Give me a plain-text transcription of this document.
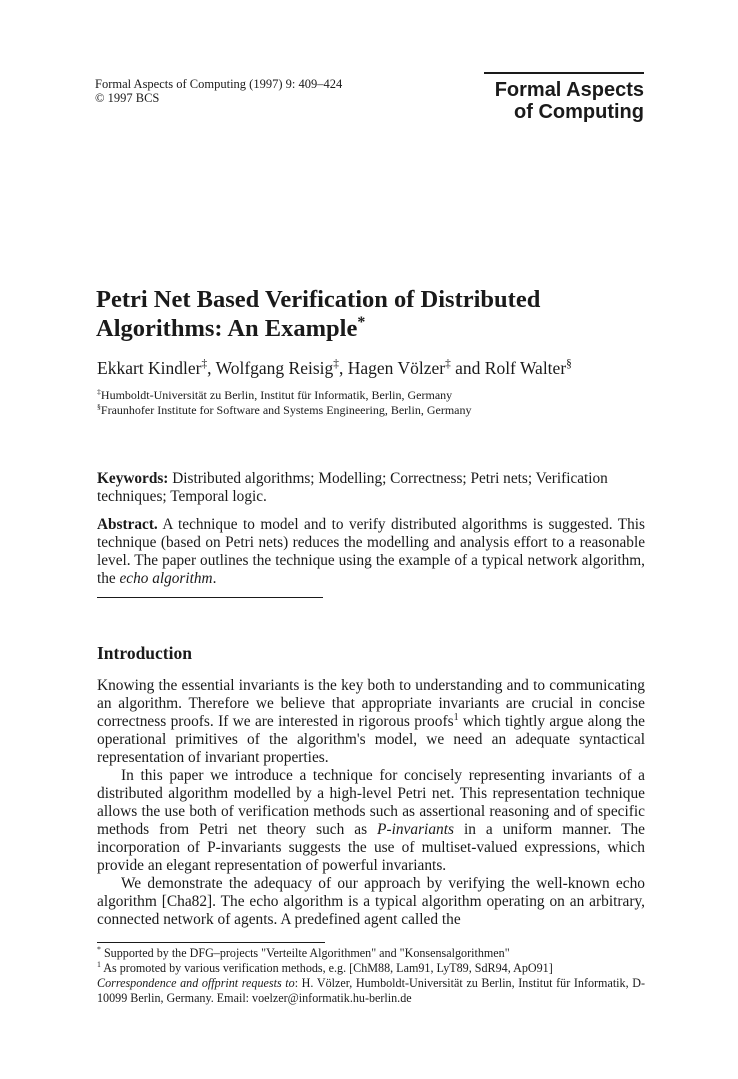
Formal Aspects of Computing (1997) 9: 409–424
© 1997 BCS	Formal Aspects
of Computing
Petri Net Based Verification of Distributed
Algorithms: An Example*
Ekkart Kindler‡, Wolfgang Reisig‡, Hagen Völzer‡ and Rolf Walter§
‡Humboldt-Universität zu Berlin, Institut für Informatik, Berlin, Germany
§Fraunhofer Institute for Software and Systems Engineering, Berlin, Germany
Keywords: Distributed algorithms; Modelling; Correctness; Petri nets; Verification techniques; Temporal logic.
Abstract. A technique to model and to verify distributed algorithms is suggested. This technique (based on Petri nets) reduces the modelling and analysis effort to a reasonable level. The paper outlines the technique using the example of a typical network algorithm, the echo algorithm.
Introduction

Knowing the essential invariants is the key both to understanding and to communicating an algorithm. Therefore we believe that appropriate invariants are crucial in concise correctness proofs. If we are interested in rigorous proofs$^1$ which tightly argue along the operational primitives of the algorithm's model, we need an adequate syntactical representation of invariant properties.

In this paper we introduce a technique for concisely representing invariants of a distributed algorithm modelled by a high-level Petri net. This representation technique allows the use both of verification methods such as assertional reasoning and of specific methods from Petri net theory such as P-invariants in a uniform manner. The incorporation of P-invariants suggests the use of multiset-valued expressions, which provide an elegant representation of powerful invariants.

We demonstrate the adequacy of our approach by verifying the well-known echo algorithm [Cha82]. The echo algorithm is a typical algorithm operating on an arbitrary, connected network of agents. A predefined agent called the

* Supported by the DFG–projects "Verteilte Algorithmen" and "Konsensalgorithmen"
$^1$ As promoted by various verification methods, e.g. [ChM88, Lam91, LyT89, SdR94, ApO91]
Correspondence and offprint requests to: H. Völzer, Humboldt-Universität zu Berlin, Institut für Informatik, D-10099 Berlin, Germany. Email: voelzer@informatik.hu-berlin.de
